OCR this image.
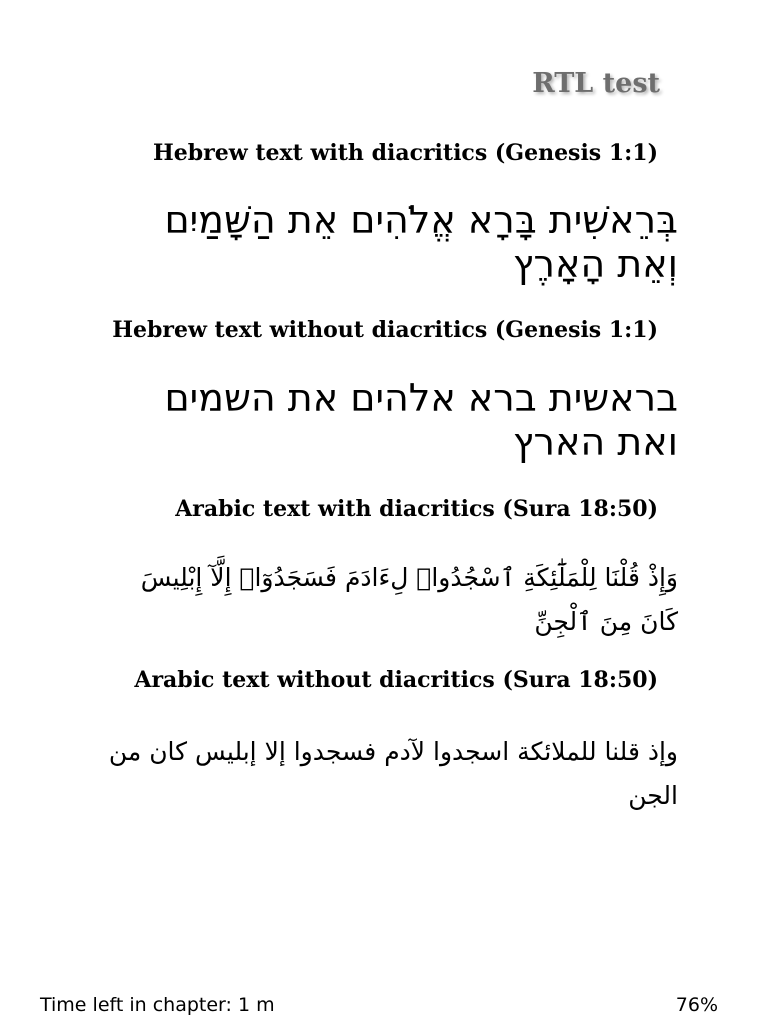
RTL test
Hebrew text with diacritics (Genesis 1:1)
בְּרֵאשִׁית בָּרָא אֱלֹהִים אֵת הַשָּׁמַיִם וְאֵת הָאָרֶץ
Hebrew text without diacritics (Genesis 1:1)
בראשית ברא אלהים את השמים ואת הארץ
Arabic text with diacritics (Sura 18:50)
وَإِذْ قُلْنَا لِلْمَلَٰٓئِكَةِ ٱسْجُدُوا۟ لِءَادَمَ فَسَجَدُوٓا۟ إِلَّآ إِبْلِيسَ كَانَ مِنَ ٱلْجِنِّ
Arabic text without diacritics (Sura 18:50)
وإذ قلنا للملائكة اسجدوا لآدم فسجدوا إلا إبليس كان من الجن
Time left in chapter: 1 m	76%
